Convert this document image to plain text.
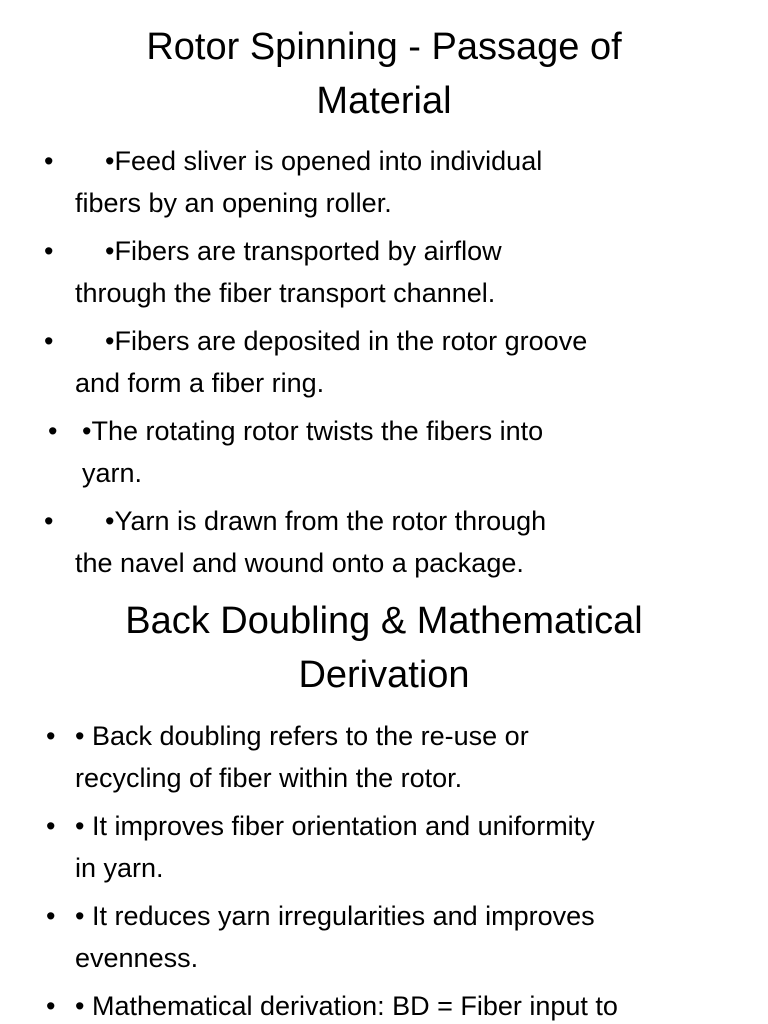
Rotor Spinning - Passage of
Material
•	•Feed sliver is opened into individual
fibers by an opening roller.
•	•Fibers are transported by airflow
through the fiber transport channel.
•	•Fibers are deposited in the rotor groove
and form a fiber ring.
• •The rotating rotor twists the fibers into
yarn.
•	•Yarn is drawn from the rotor through
the navel and wound onto a package.
Back Doubling & Mathematical
Derivation
• • Back doubling refers to the re-use or
recycling of fiber within the rotor.
• • It improves fiber orientation and uniformity
in yarn.
• • It reduces yarn irregularities and improves
evenness.
• • Mathematical derivation: BD = Fiber input to
